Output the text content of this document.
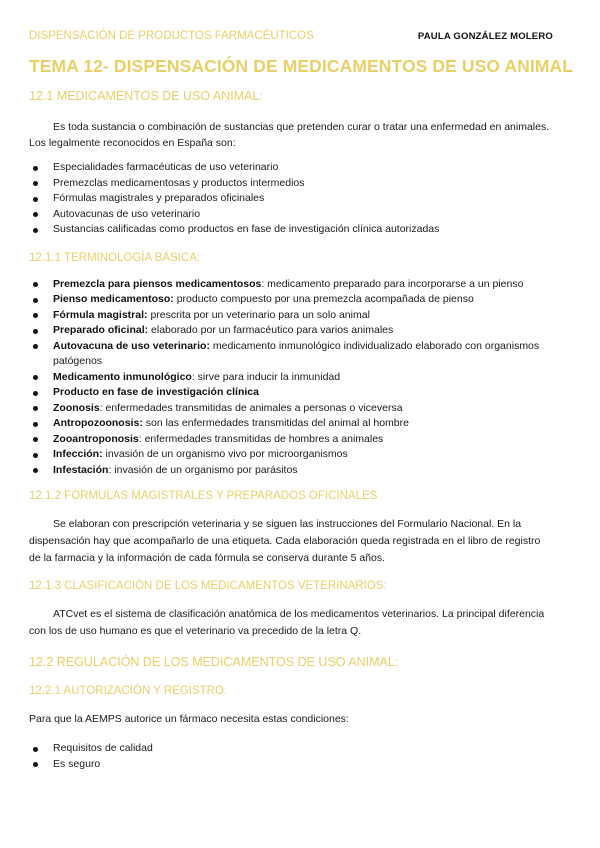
DISPENSACIÓN DE PRODUCTOS FARMACÉUTICOS	PAULA GONZÁLEZ MOLERO
TEMA 12- DISPENSACIÓN DE MEDICAMENTOS DE USO ANIMAL
12.1 MEDICAMENTOS DE USO ANIMAL:

Es toda sustancia o combinación de sustancias que pretenden curar o tratar una enfermedad en animales. Los legalmente reconocidos en España son:

Especialidades farmacéuticas de uso veterinario
Premezclas medicamentosas y productos intermedios
Fórmulas magistrales y preparados oficinales
Autovacunas de uso veterinario
Sustancias calificadas como productos en fase de investigación clínica autorizadas
12.1.1 TERMINOLOGÍA BÁSICA:
Premezcla para piensos medicamentosos: medicamento preparado para incorporarse a un pienso
Pienso medicamentoso: producto compuesto por una premezcla acompañada de pienso
Fórmula magistral: prescrita por un veterinario para un solo animal
Preparado oficinal: elaborado por un farmacéutico para varios animales
Autovacuna de uso veterinario: medicamento inmunológico individualizado elaborado con organismos patógenos
Medicamento inmunológico: sirve para inducir la inmunidad
Producto en fase de investigación clínica
Zoonosis: enfermedades transmitidas de animales a personas o viceversa
Antropozoonosis: son las enfermedades transmitidas del animal al hombre
Zooantroponosis: enfermedades transmitidas de hombres a animales
Infección: invasión de un organismo vivo por microorganismos
Infestación: invasión de un organismo por parásitos
12.1.2 FÓRMULAS MAGISTRALES Y PREPARADOS OFICINALES

Se elaboran con prescripción veterinaria y se siguen las instrucciones del Formulario Nacional. En la dispensación hay que acompañarlo de una etiqueta. Cada elaboración queda registrada en el libro de registro de la farmacia y la información de cada fórmula se conserva durante 5 años.

12.1.3 CLASIFICACIÓN DE LOS MEDICAMENTOS VETERINARIOS:

ATCvet es el sistema de clasificación anatómica de los medicamentos veterinarios. La principal diferencia con los de uso humano es que el veterinario va precedido de la letra Q.

12.2 REGULACIÓN DE LOS MEDICAMENTOS DE USO ANIMAL:
12.2.1 AUTORIZACIÓN Y REGISTRO:

Para que la AEMPS autorice un fármaco necesita estas condiciones:

Requisitos de calidad
Es seguro
